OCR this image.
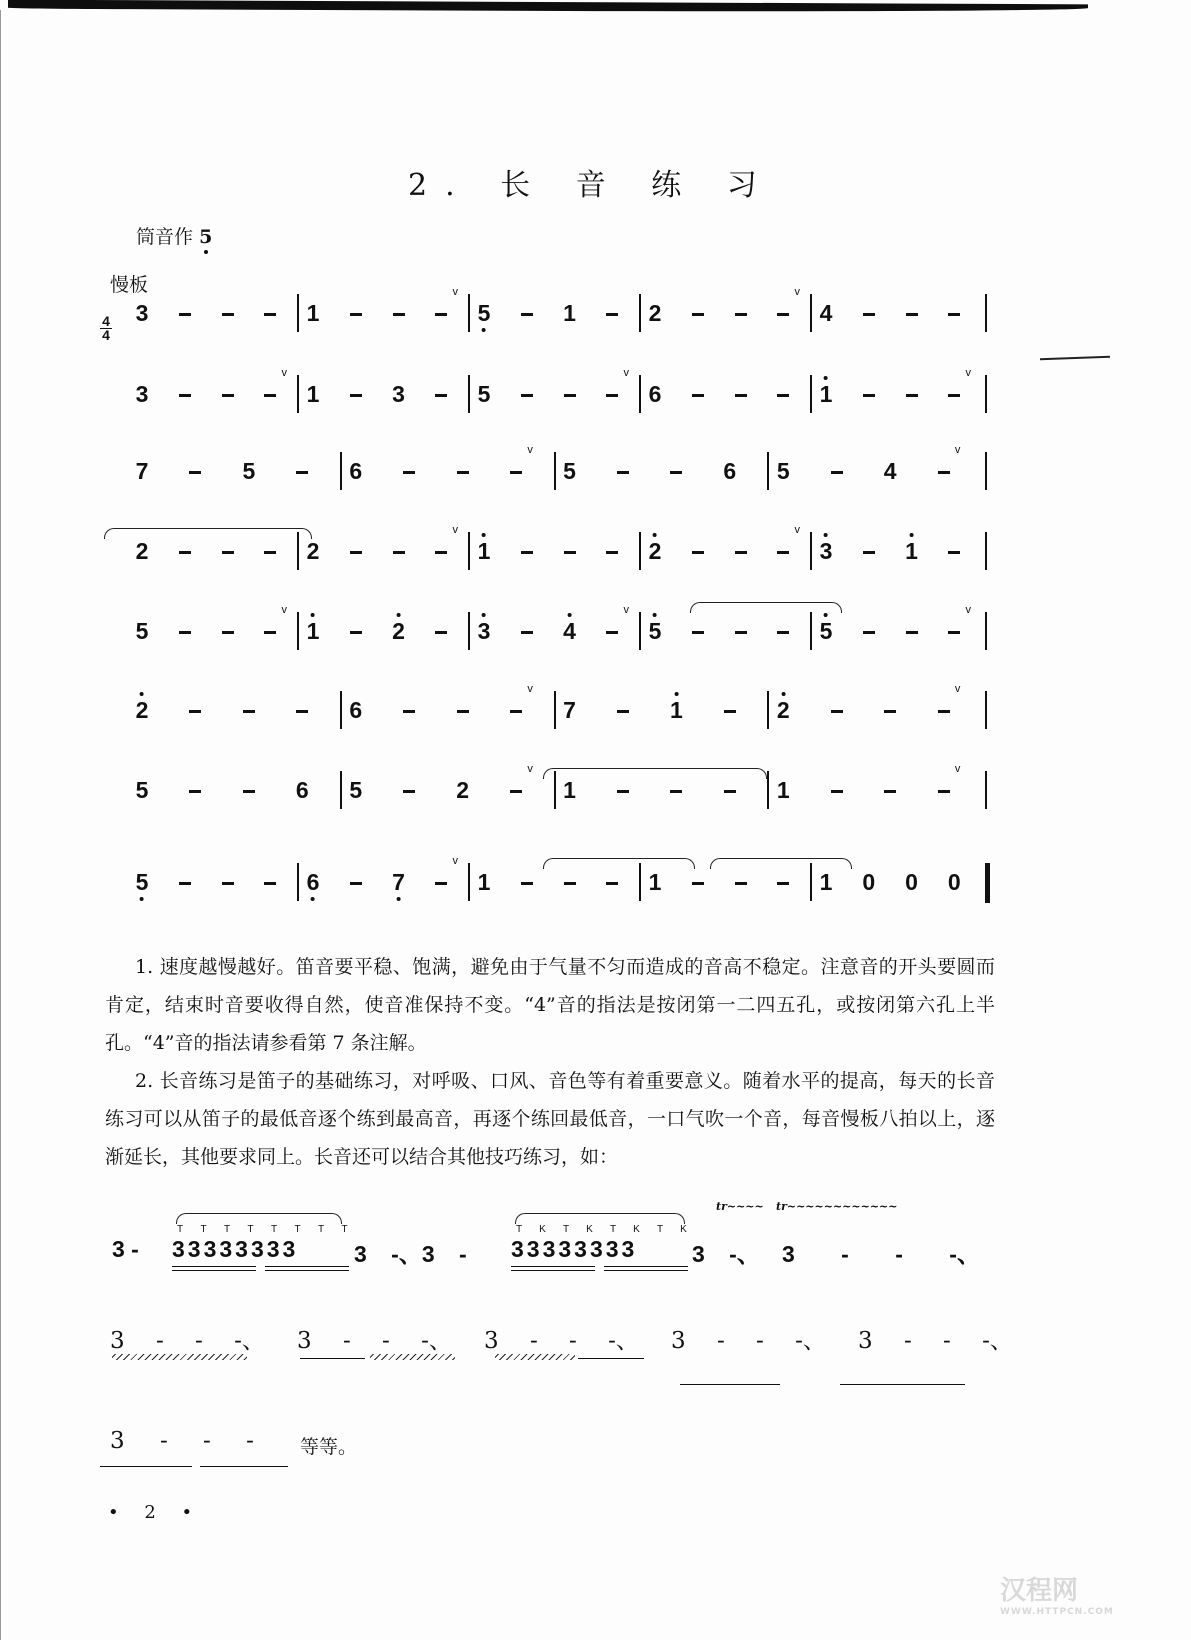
2. 长 音 练 习
筒音作 5
慢板
4
4
3	1
v
5	1	2
v
4
3
v
1	3	5
v
6	1
v
7	5	6
v
5	6 5	4
v
2	2
v
1	2
v
3	1
5
v
1	2	3	4
v
5	5
v
2	6
v
7	1	2
v
5	6 5	2
v
1	1
v
5	6	7
v
1	1	1 0 0 0

1. 速度越慢越好。笛音要平稳、饱满，避免由于气量不匀而造成的音高不稳定。注意音的开头要圆而肯定，结束时音要收得自然，使音准保持不变。“4”音的指法是按闭第一二四五孔，或按闭第六孔上半孔。“4̇”音的指法请参看第 7 条注解。

2. 长音练习是笛子的基础练习，对呼吸、口风、音色等有着重要意义。随着水平的提高，每天的长音练习可以从笛子的最低音逐个练到最高音，再逐个练回最低音，一口气吹一个音，每音慢板八拍以上，逐渐延长，其他要求同上。长音还可以结合其他技巧练习，如：

3 - 33333333 3 -、3 - 33333333 3 -、 3 - - -、
tr~~~~ tr~~~~~~~~~~~~
T T T T T T T T	T K T K T K T K
3 - - -、 3 - - -、 3 - - -、 3 - - -、 3 - - -、
3 - - - 等等。
• 2 •
汉程网
WWW.HTTPCN.COM
